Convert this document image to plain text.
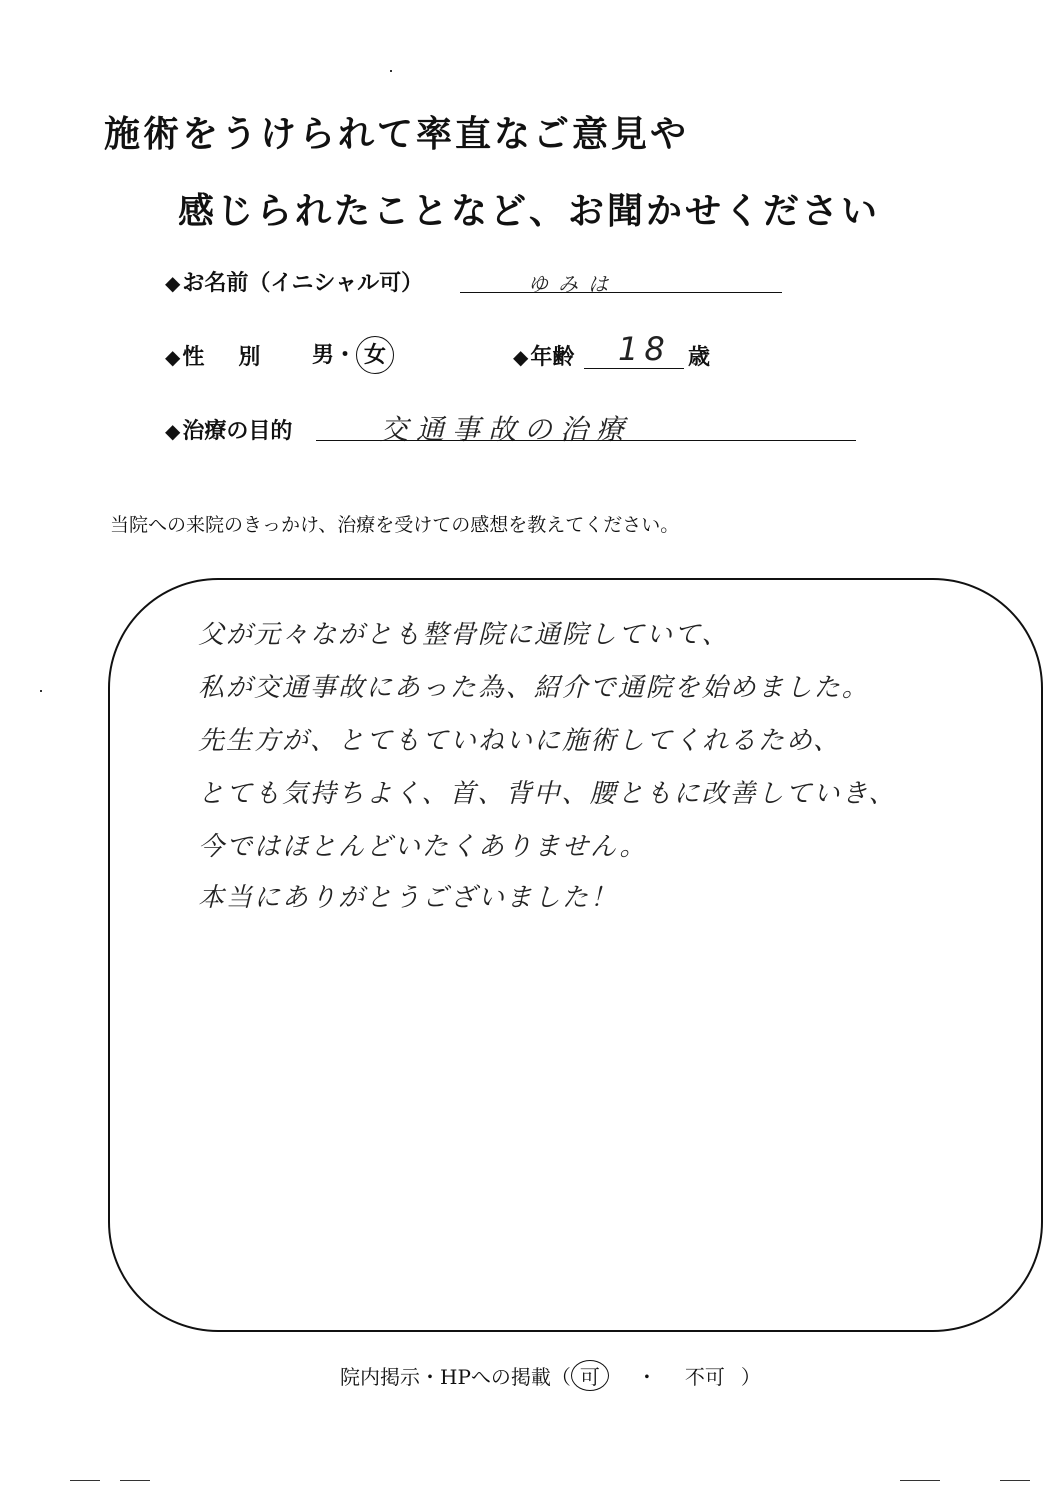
施術をうけられて率直なご意見や
感じられたことなど、お聞かせください
◆お名前（イニシャル可）	ゆみは
◆性　別 男・ 女	◆年齢 18 歳
◆治療の目的	交通事故の治療
当院への来院のきっかけ、治療を受けての感想を教えてください。
父が元々ながとも整骨院に通院していて、
私が交通事故にあった為、紹介で通院を始めました。
先生方が、とてもていねいに施術してくれるため、
とても気持ちよく、首、背中、腰ともに改善していき、
今ではほとんどいたくありません。
本当にありがとうございました！
院内掲示・HPへの掲載（ 可 ・ 不可 ）
